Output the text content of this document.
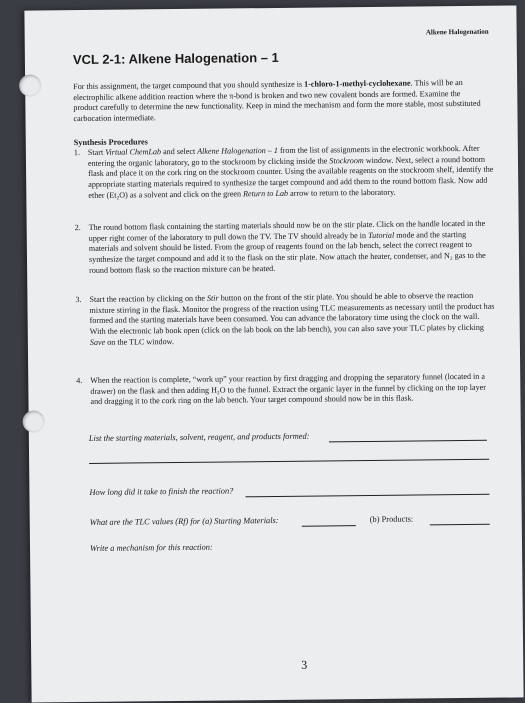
Alkene Halogenation
VCL 2-1: Alkene Halogenation – 1
For this assignment, the target compound that you should synthesize is 1-chloro-1-methyl-cyclohexane. This will be an electrophilic alkene addition reaction where the π-bond is broken and two new covalent bonds are formed. Examine the product carefully to determine the new functionality. Keep in mind the mechanism and form the more stable, most substituted carbocation intermediate.
Synthesis Procedures
1. Start Virtual ChemLab and select Alkene Halogenation – 1 from the list of assignments in the electronic workbook. After entering the organic laboratory, go to the stockroom by clicking inside the Stockroom window. Next, select a round bottom flask and place it on the cork ring on the stockroom counter. Using the available reagents on the stockroom shelf, identify the appropriate starting materials required to synthesize the target compound and add them to the round bottom flask. Now add ether (Et₂O) as a solvent and click on the green Return to Lab arrow to return to the laboratory.
2. The round bottom flask containing the starting materials should now be on the stir plate. Click on the handle located in the upper right corner of the laboratory to pull down the TV. The TV should already be in Tutorial mode and the starting materials and solvent should be listed. From the group of reagents found on the lab bench, select the correct reagent to synthesize the target compound and add it to the flask on the stir plate. Now attach the heater, condenser, and N₂ gas to the round bottom flask so the reaction mixture can be heated.
3. Start the reaction by clicking on the Stir button on the front of the stir plate. You should be able to observe the reaction mixture stirring in the flask. Monitor the progress of the reaction using TLC measurements as necessary until the product has formed and the starting materials have been consumed. You can advance the laboratory time using the clock on the wall. With the electronic lab book open (click on the lab book on the lab bench), you can also save your TLC plates by clicking Save on the TLC window.
4. When the reaction is complete, “work up” your reaction by first dragging and dropping the separatory funnel (located in a drawer) on the flask and then adding H₂O to the funnel. Extract the organic layer in the funnel by clicking on the top layer and dragging it to the cork ring on the lab bench. Your target compound should now be in this flask.
List the starting materials, solvent, reagent, and products formed:
How long did it take to finish the reaction?
What are the TLC values (Rf) for (a) Starting Materials:	(b) Products:
Write a mechanism for this reaction:
3
